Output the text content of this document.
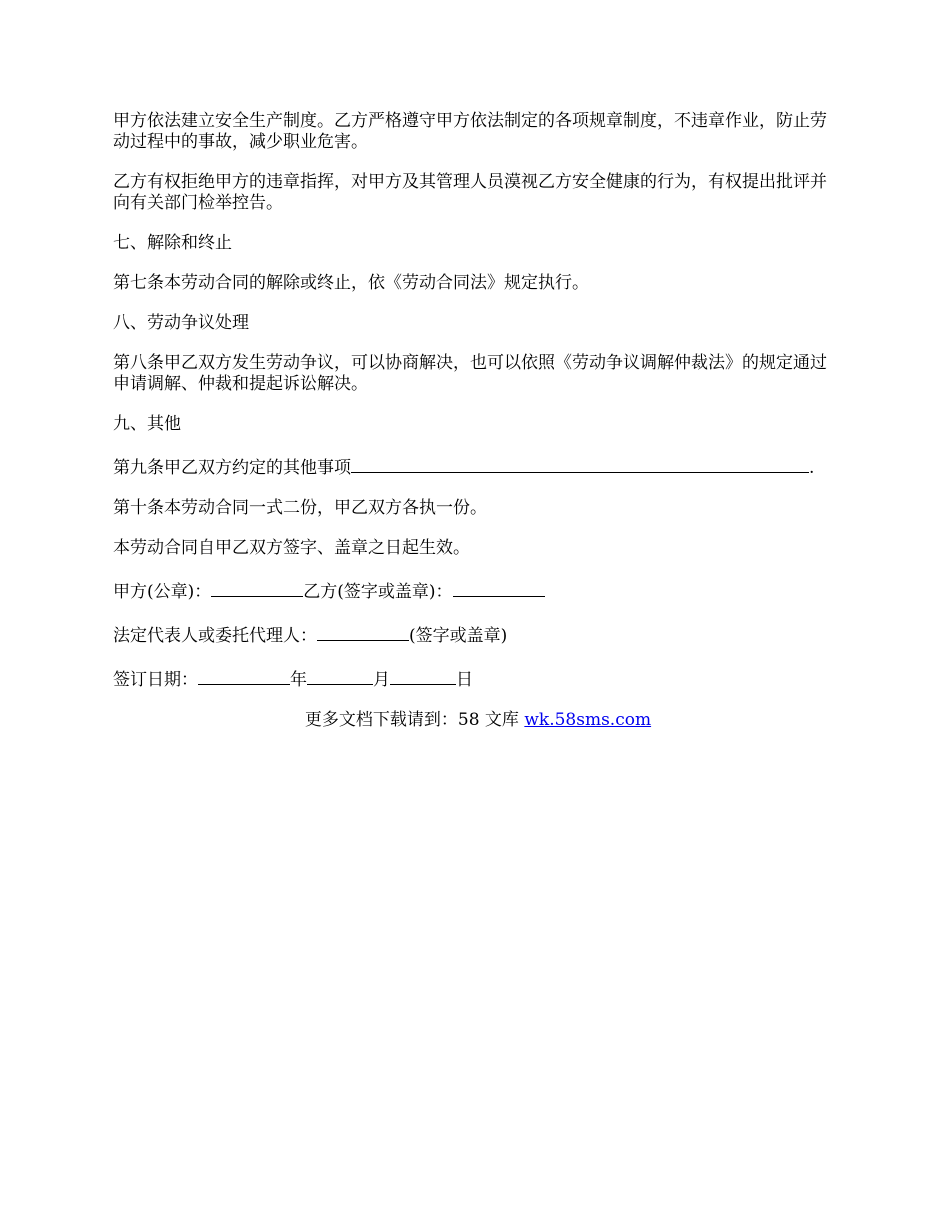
甲方依法建立安全生产制度。乙方严格遵守甲方依法制定的各项规章制度，不违章作业，防止劳动过程中的事故，减少职业危害。

乙方有权拒绝甲方的违章指挥，对甲方及其管理人员漠视乙方安全健康的行为，有权提出批评并向有关部门检举控告。

七、解除和终止

第七条本劳动合同的解除或终止，依《劳动合同法》规定执行。

八、劳动争议处理

第八条甲乙双方发生劳动争议，可以协商解决，也可以依照《劳动争议调解仲裁法》的规定通过申请调解、仲裁和提起诉讼解决。

九、其他

第九条甲乙双方约定的其他事项	.

第十条本劳动合同一式二份，甲乙双方各执一份。

本劳动合同自甲乙双方签字、盖章之日起生效。

甲方(公章)：	乙方(签字或盖章)：

法定代表人或委托代理人：	(签字或盖章)

签订日期：	年	月	日

更多文档下载请到：58 文库 wk.58sms.com
